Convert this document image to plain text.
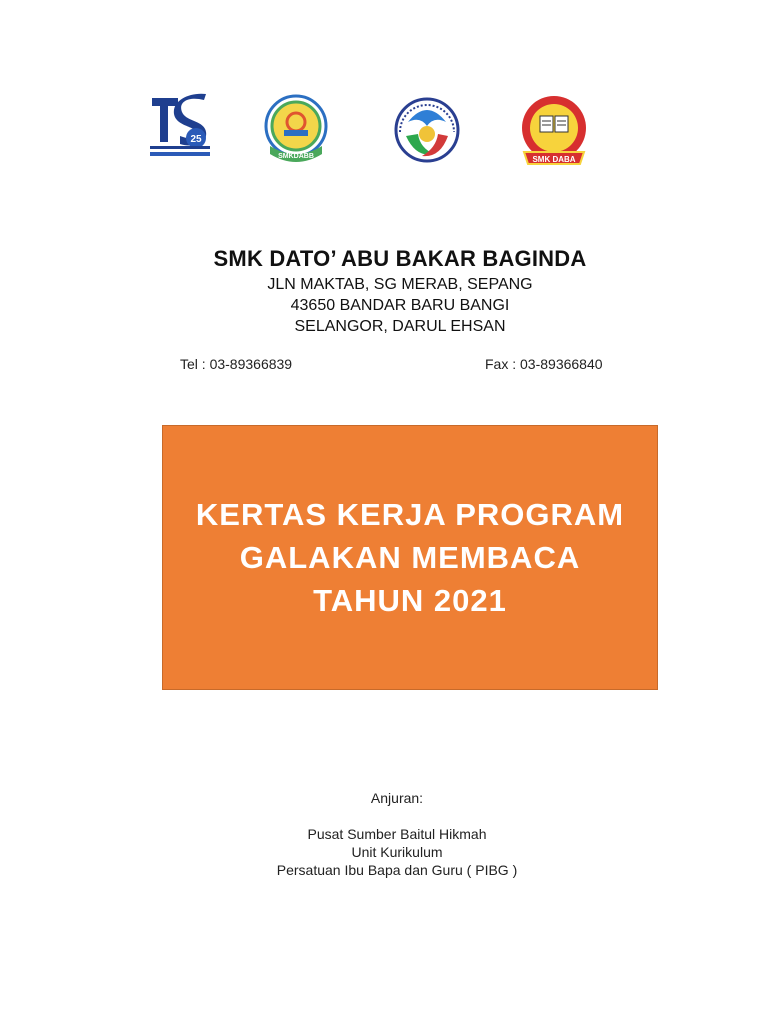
25
SMKDABB	SMK DABA
SMK DATO’ ABU BAKAR BAGINDA
JLN MAKTAB, SG MERAB, SEPANG
43650 BANDAR BARU BANGI
SELANGOR, DARUL EHSAN
Tel : 03-89366839	Fax : 03-89366840
KERTAS KERJA PROGRAM
GALAKAN MEMBACA
TAHUN 2021
Anjuran:
Pusat Sumber Baitul Hikmah
Unit Kurikulum
Persatuan Ibu Bapa dan Guru ( PIBG )
